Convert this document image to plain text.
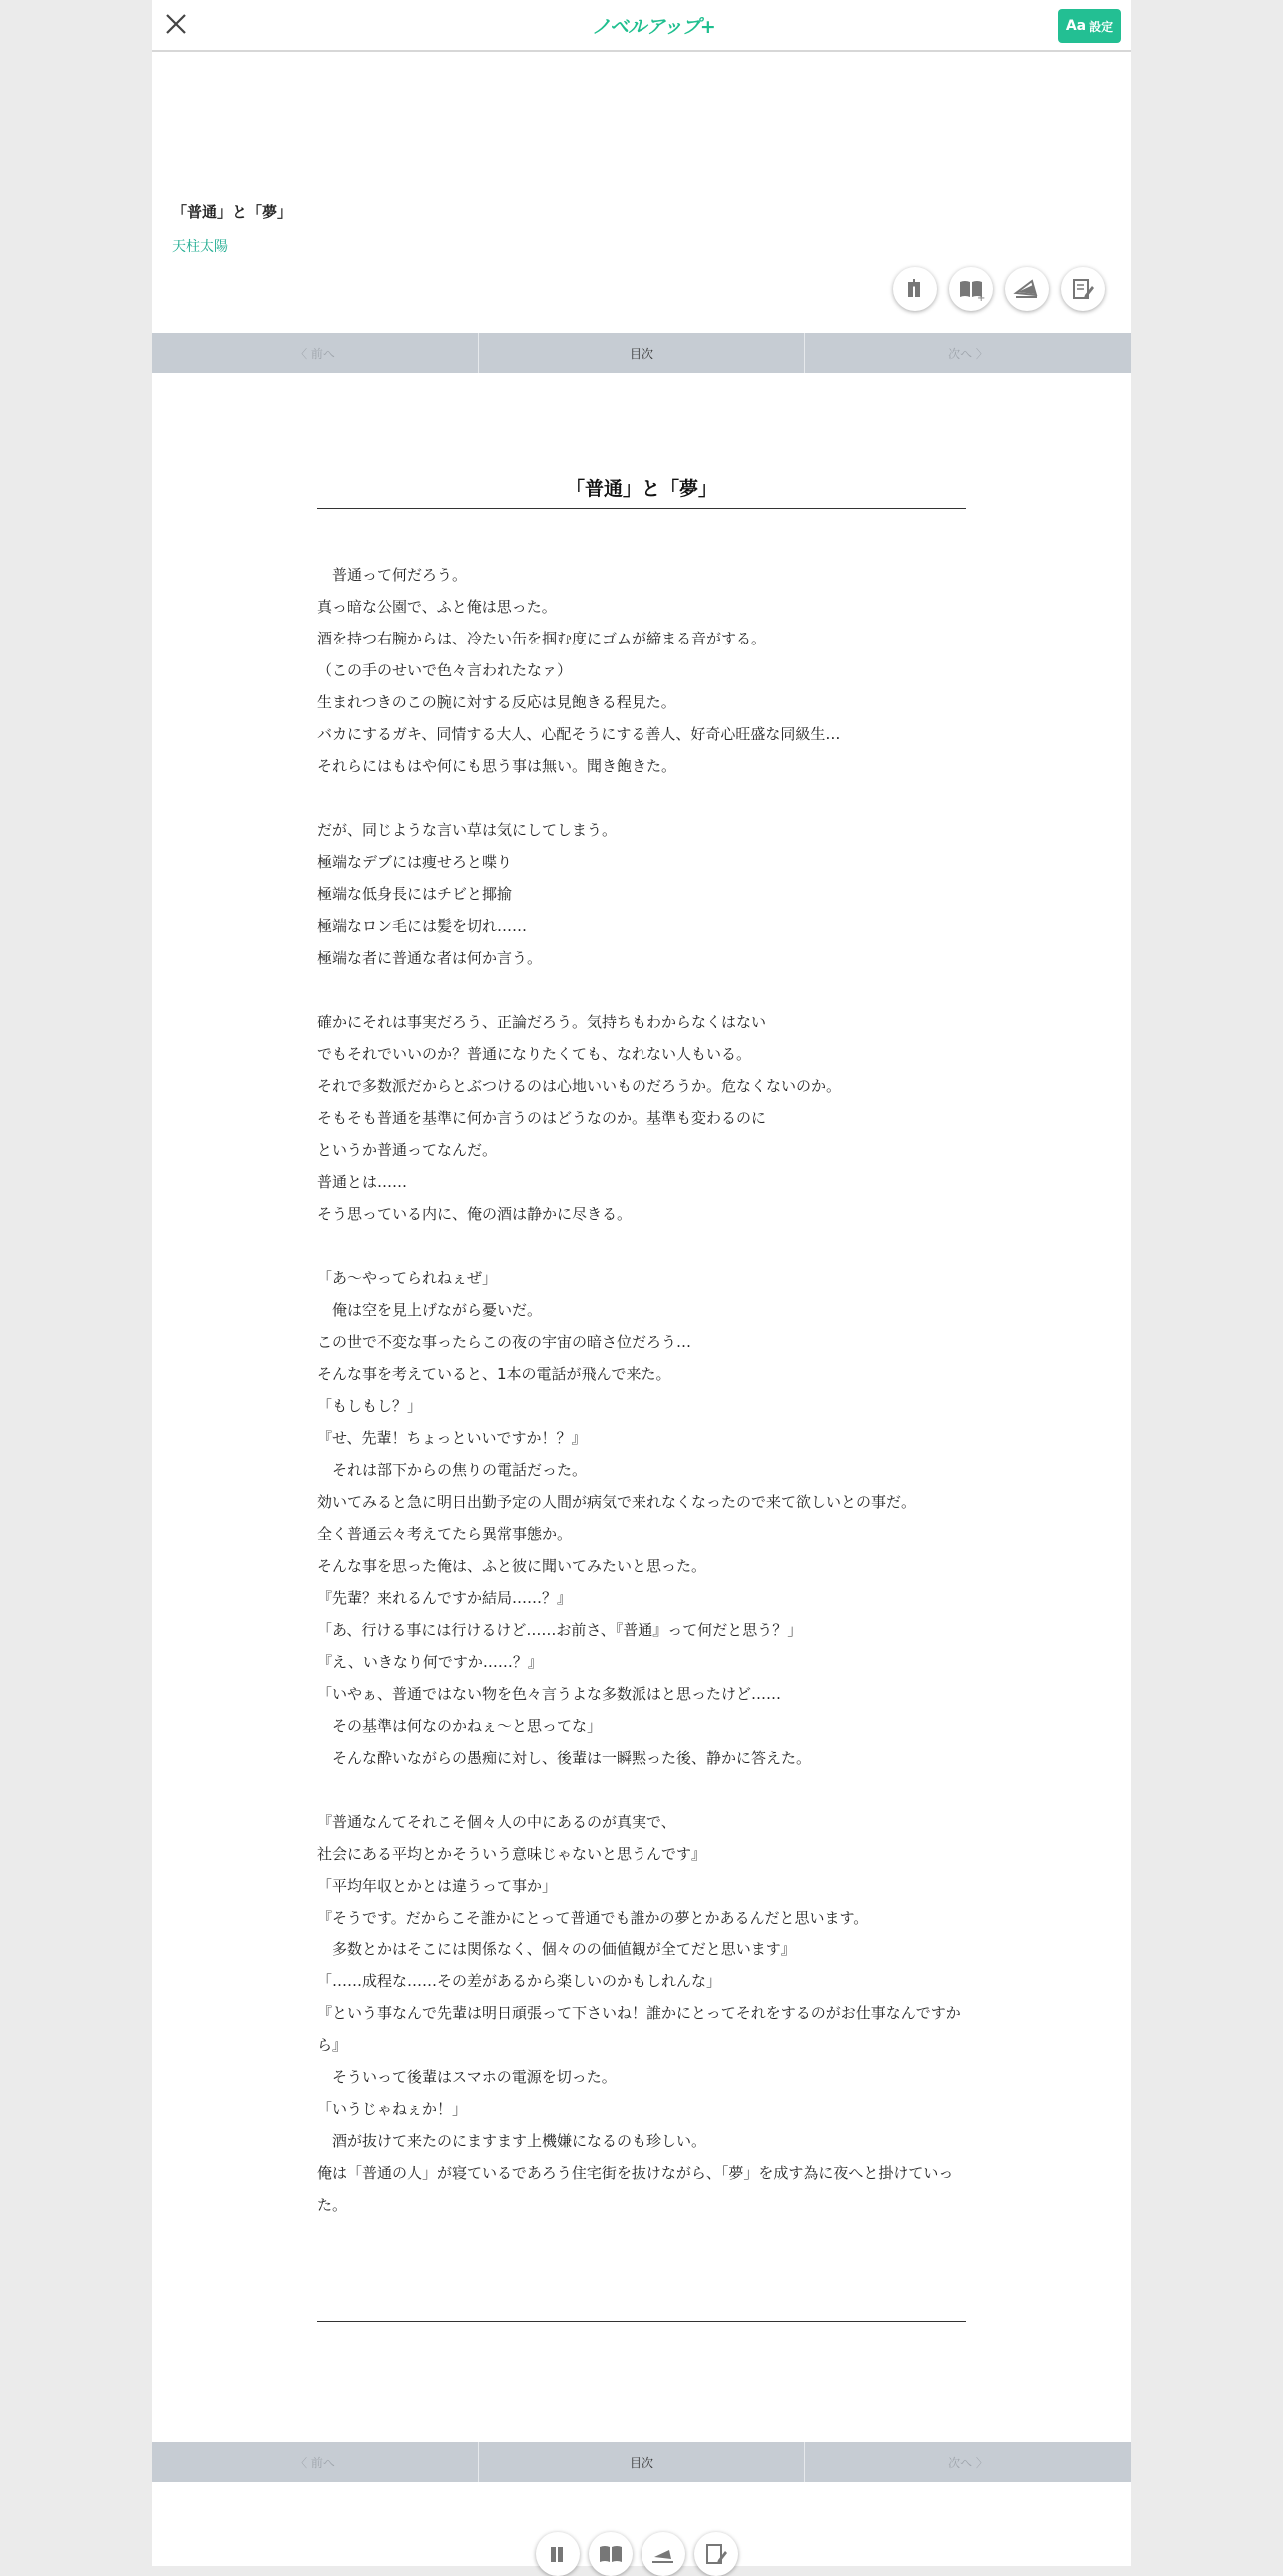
ノベルアップ+	Aa 設定
「普通」と「夢」
天柱太陽
+
〈 前へ	目次	次へ 〉
「普通」と「夢」

　普通って何だろう。

真っ暗な公園で、ふと俺は思った。

酒を持つ右腕からは、冷たい缶を掴む度にゴムが締まる音がする。

（この手のせいで色々言われたなァ）

生まれつきのこの腕に対する反応は見飽きる程見た。

バカにするガキ、同情する大人、心配そうにする善人、好奇心旺盛な同級生…

それらにはもはや何にも思う事は無い。聞き飽きた。

だが、同じような言い草は気にしてしまう。

極端なデブには痩せろと喋り

極端な低身長にはチビと揶揄

極端なロン毛には髪を切れ……

極端な者に普通な者は何か言う。

確かにそれは事実だろう、正論だろう。気持ちもわからなくはない

でもそれでいいのか？普通になりたくても、なれない人もいる。

それで多数派だからとぶつけるのは心地いいものだろうか。危なくないのか。

そもそも普通を基準に何か言うのはどうなのか。基準も変わるのに

というか普通ってなんだ。

普通とは……

そう思っている内に、俺の酒は静かに尽きる。

「あ～やってられねぇぜ」

　俺は空を見上げながら憂いだ。

この世で不変な事ったらこの夜の宇宙の暗さ位だろう…

そんな事を考えていると、1本の電話が飛んで来た。

「もしもし？」

『せ、先輩！ちょっといいですか！？』

　それは部下からの焦りの電話だった。

効いてみると急に明日出勤予定の人間が病気で来れなくなったので来て欲しいとの事だ。

全く普通云々考えてたら異常事態か。

そんな事を思った俺は、ふと彼に聞いてみたいと思った。

『先輩？来れるんですか結局……？』

「あ、行ける事には行けるけど……お前さ、『普通』って何だと思う？」

『え、いきなり何ですか……？』

「いやぁ、普通ではない物を色々言うよな多数派はと思ったけど……

　その基準は何なのかねぇ～と思ってな」

　そんな酔いながらの愚痴に対し、後輩は一瞬黙った後、静かに答えた。

『普通なんてそれこそ個々人の中にあるのが真実で、

社会にある平均とかそういう意味じゃないと思うんです』

「平均年収とかとは違うって事か」

『そうです。だからこそ誰かにとって普通でも誰かの夢とかあるんだと思います。

　多数とかはそこには関係なく、個々のの価値観が全てだと思います』

「……成程な……その差があるから楽しいのかもしれんな」

『という事なんで先輩は明日頑張って下さいね！誰かにとってそれをするのがお仕事なんですから』

　そういって後輩はスマホの電源を切った。

「いうじゃねぇか！」

　酒が抜けて来たのにますます上機嫌になるのも珍しい。

俺は「普通の人」が寝ているであろう住宅街を抜けながら、「夢」を成す為に夜へと掛けていった。

〈 前へ	目次	次へ 〉
